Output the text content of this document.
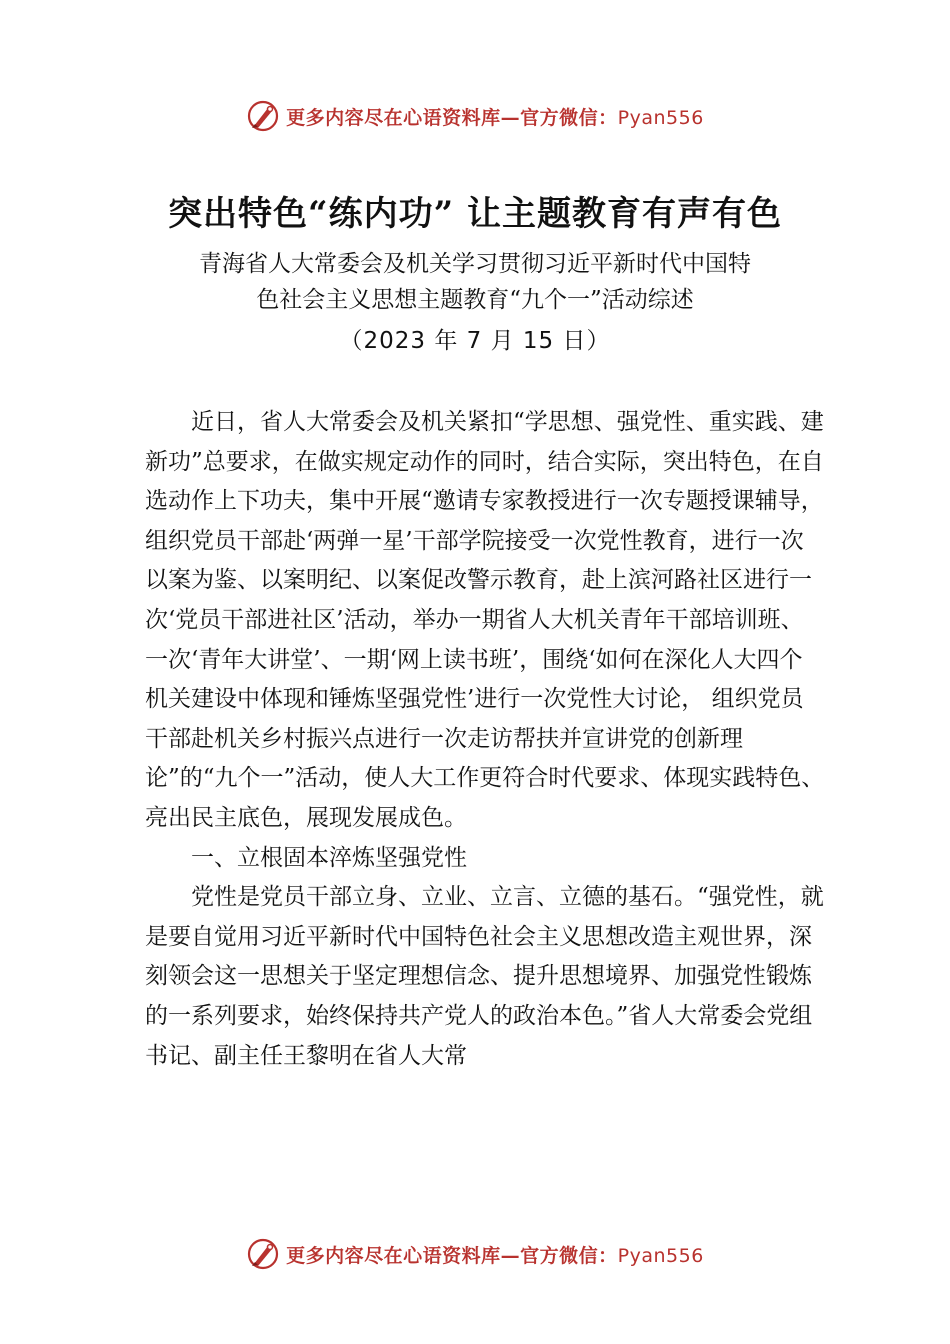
更多内容尽在心语资料库—官方微信：Pyan556
突出特色“练内功” 让主题教育有声有色
青海省人大常委会及机关学习贯彻习近平新时代中国特
色社会主义思想主题教育“九个一”活动综述
（2023 年 7 月 15 日）

近日，省人大常委会及机关紧扣“学思想、强党性、重实践、建新功”总要求，在做实规定动作的同时，结合实际，突出特色，在自选动作上下功夫，集中开展“邀请专家教授进行一次专题授课辅导，组织党员干部赴‘两弹一星’干部学院接受一次党性教育，进行一次以案为鉴、以案明纪、以案促改警示教育，赴上滨河路社区进行一次‘党员干部进社区’活动，举办一期省人大机关青年干部培训班、一次‘青年大讲堂’、一期‘网上读书班’，围绕‘如何在深化人大四个机关建设中体现和锤炼坚强党性’进行一次党性大讨论， 组织党员干部赴机关乡村振兴点进行一次走访帮扶并宣讲党的创新理论”的“九个一”活动，使人大工作更符合时代要求、体现实践特色、亮出民主底色，展现发展成色。

一、立根固本淬炼坚强党性

党性是党员干部立身、立业、立言、立德的基石。“强党性，就是要自觉用习近平新时代中国特色社会主义思想改造主观世界，深刻领会这一思想关于坚定理想信念、提升思想境界、加强党性锻炼的一系列要求，始终保持共产党人的政治本色。”省人大常委会党组书记、副主任王黎明在省人大常

更多内容尽在心语资料库—官方微信：Pyan556
